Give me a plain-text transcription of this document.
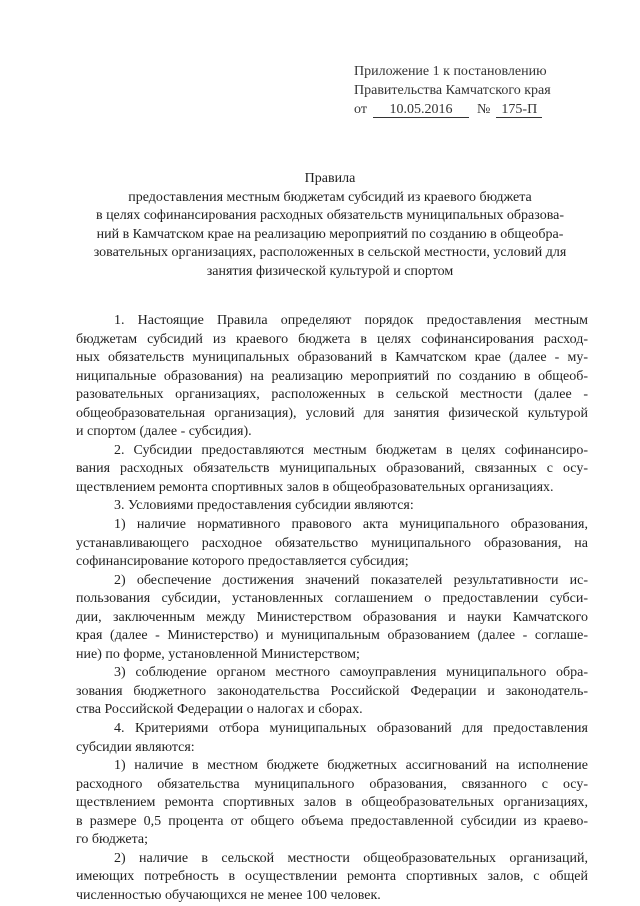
Приложение 1 к постановлению
Правительства Камчатского края
от 10.05.2016 № 175-П
Правила
предоставления местным бюджетам субсидий из краевого бюджета
в целях софинансирования расходных обязательств муниципальных образова-
ний в Камчатском крае на реализацию мероприятий по созданию в общеобра-
зовательных организациях, расположенных в сельской местности, условий для
занятия физической культурой и спортом
1. Настоящие Правила определяют порядок предоставления местным
бюджетам субсидий из краевого бюджета в целях софинансирования расход-
ных обязательств муниципальных образований в Камчатском крае (далее - му-
ниципальные образования) на реализацию мероприятий по созданию в общеоб-
разовательных организациях, расположенных в сельской местности (далее -
общеобразовательная организация), условий для занятия физической культурой
и спортом (далее - субсидия).
2. Субсидии предоставляются местным бюджетам в целях софинансиро-
вания расходных обязательств муниципальных образований, связанных с осу-
ществлением ремонта спортивных залов в общеобразовательных организациях.
3. Условиями предоставления субсидии являются:
1) наличие нормативного правового акта муниципального образования,
устанавливающего расходное обязательство муниципального образования, на
софинансирование которого предоставляется субсидия;
2) обеспечение достижения значений показателей результативности ис-
пользования субсидии, установленных соглашением о предоставлении субси-
дии, заключенным между Министерством образования и науки Камчатского
края (далее - Министерство) и муниципальным образованием (далее - соглаше-
ние) по форме, установленной Министерством;
3) соблюдение органом местного самоуправления муниципального обра-
зования бюджетного законодательства Российской Федерации и законодатель-
ства Российской Федерации о налогах и сборах.
4. Критериями отбора муниципальных образований для предоставления
субсидии являются:
1) наличие в местном бюджете бюджетных ассигнований на исполнение
расходного обязательства муниципального образования, связанного с осу-
ществлением ремонта спортивных залов в общеобразовательных организациях,
в размере 0,5 процента от общего объема предоставленной субсидии из краево-
го бюджета;
2) наличие в сельской местности общеобразовательных организаций,
имеющих потребность в осуществлении ремонта спортивных залов, с общей
численностью обучающихся не менее 100 человек.
